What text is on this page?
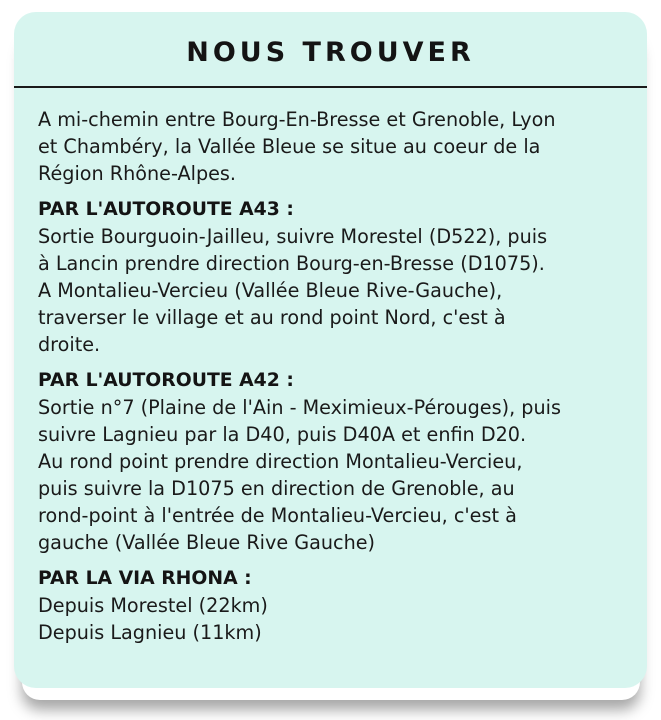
NOUS TROUVER
A mi-chemin entre Bourg-En-Bresse et Grenoble, Lyon
et Chambéry, la Vallée Bleue se situe au coeur de la
Région Rhône-Alpes.
PAR L'AUTOROUTE A43 :
Sortie Bourguoin-Jailleu, suivre Morestel (D522), puis
à Lancin prendre direction Bourg-en-Bresse (D1075).
A Montalieu-Vercieu (Vallée Bleue Rive-Gauche),
traverser le village et au rond point Nord, c'est à
droite.
PAR L'AUTOROUTE A42 :
Sortie n°7 (Plaine de l'Ain - Meximieux-Pérouges), puis
suivre Lagnieu par la D40, puis D40A et enfin D20.
Au rond point prendre direction Montalieu-Vercieu,
puis suivre la D1075 en direction de Grenoble, au
rond-point à l'entrée de Montalieu-Vercieu, c'est à
gauche (Vallée Bleue Rive Gauche)
PAR LA VIA RHONA :
Depuis Morestel (22km)
Depuis Lagnieu (11km)
